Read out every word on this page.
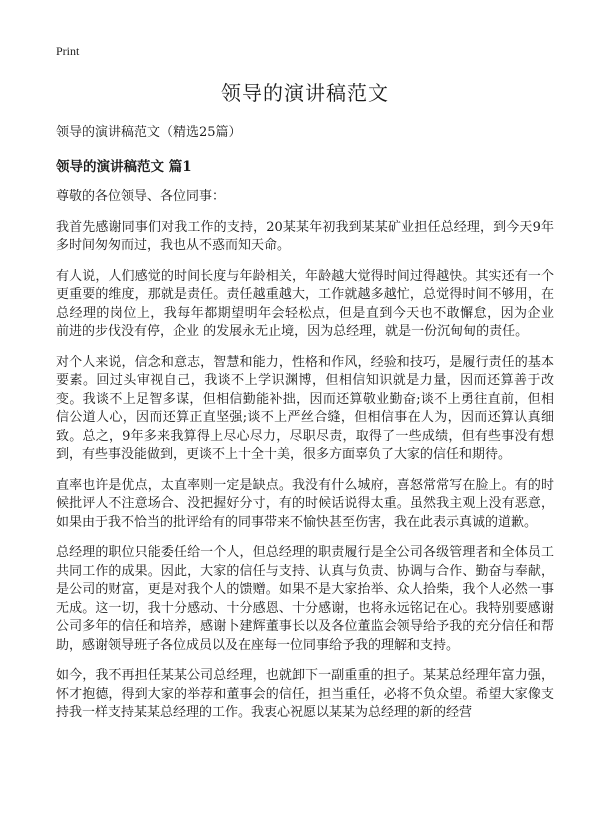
Print
领导的演讲稿范文

领导的演讲稿范文（精选25篇）

领导的演讲稿范文 篇1

尊敬的各位领导、各位同事：

我首先感谢同事们对我工作的支持，20某某年初我到某某矿业担任总经理，到今天9年多时间匆匆而过，我也从不惑而知天命。

有人说，人们感觉的时间长度与年龄相关，年龄越大觉得时间过得越快。其实还有一个更重要的维度，那就是责任。责任越重越大，工作就越多越忙，总觉得时间不够用，在总经理的岗位上，我每年都期望明年会轻松点，但是直到今天也不敢懈怠，因为企业 前进的步伐没有停，企业 的发展永无止境，因为总经理，就是一份沉甸甸的责任。

对个人来说，信念和意志，智慧和能力，性格和作风，经验和技巧，是履行责任的基本要素。回过头审视自己，我谈不上学识渊博，但相信知识就是力量，因而还算善于改变。我谈不上足智多谋，但相信勤能补拙，因而还算敬业勤奋;谈不上勇往直前，但相信公道人心，因而还算正直坚强;谈不上严丝合缝，但相信事在人为，因而还算认真细致。总之，9年多来我算得上尽心尽力，尽职尽责，取得了一些成绩，但有些事没有想到，有些事没能做到，更谈不上十全十美，很多方面辜负了大家的信任和期待。

直率也许是优点，太直率则一定是缺点。我没有什么城府，喜怒常常写在脸上。有的时候批评人不注意场合、没把握好分寸，有的时候话说得太重。虽然我主观上没有恶意，如果由于我不恰当的批评给有的同事带来不愉快甚至伤害，我在此表示真诚的道歉。

总经理的职位只能委任给一个人，但总经理的职责履行是全公司各级管理者和全体员工共同工作的成果。因此，大家的信任与支持、认真与负责、协调与合作、勤奋与奉献，是公司的财富，更是对我个人的馈赠。如果不是大家抬举、众人拾柴，我个人必然一事无成。这一切，我十分感动、十分感恩、十分感谢，也将永远铭记在心。我特别要感谢公司多年的信任和培养，感谢卜建辉董事长以及各位董监会领导给予我的充分信任和帮助，感谢领导班子各位成员以及在座每一位同事给予我的理解和支持。

如今，我不再担任某某公司总经理，也就卸下一副重重的担子。某某总经理年富力强，怀才抱德，得到大家的举荐和董事会的信任，担当重任，必将不负众望。希望大家像支持我一样支持某某总经理的工作。我衷心祝愿以某某为总经理的新的经营
